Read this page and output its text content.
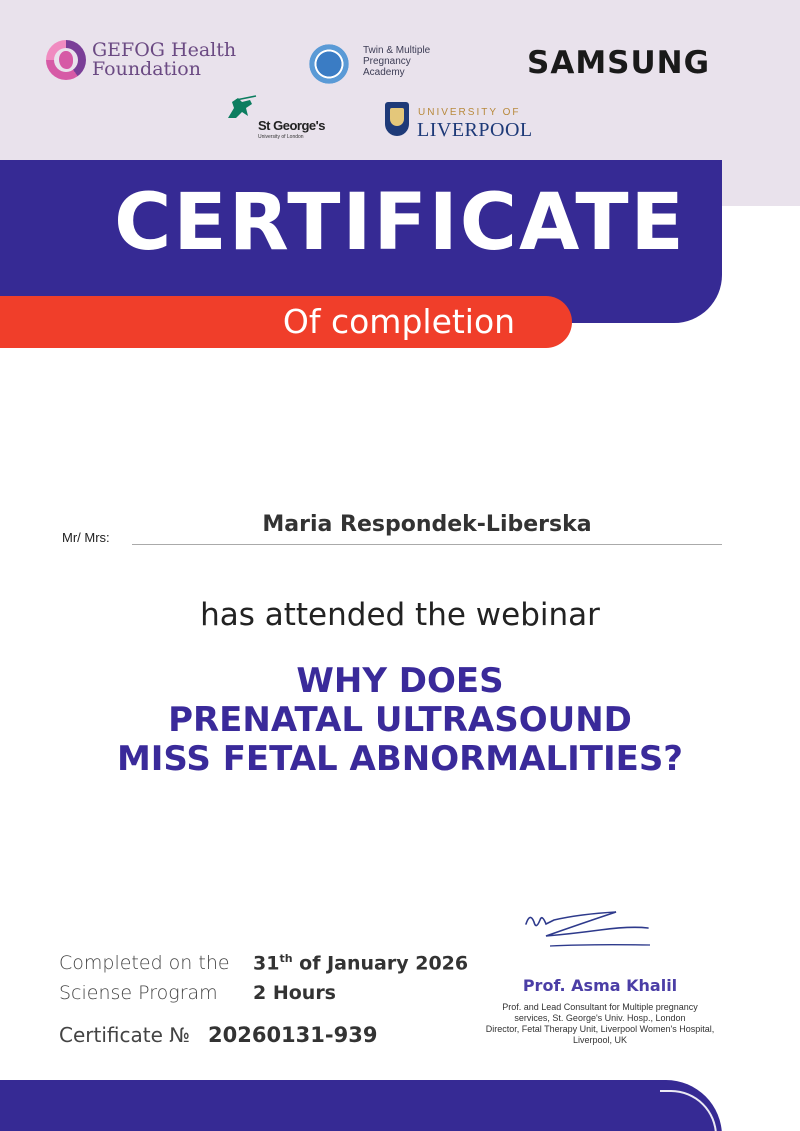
GEFOG Health
Foundation
Twin & Multiple
Pregnancy
Academy	SAMSUNG
St George's
University of London
UNIVERSITY OF
LIVERPOOL
CERTIFICATE
Of completion
Mr/ Mrs:
Maria Respondek-Liberska
has attended the webinar
WHY DOES
PRENATAL ULTRASOUND
MISS FETAL ABNORMALITIES?
Completed on the 31th of January 2026
Sciense Program 2 Hours
Certificate № 20260131-939
Prof. Asma Khalil
Prof. and Lead Consultant for Multiple pregnancy
services, St. George's Univ. Hosp., London
Director, Fetal Therapy Unit, Liverpool Women's Hospital,
Liverpool, UK
